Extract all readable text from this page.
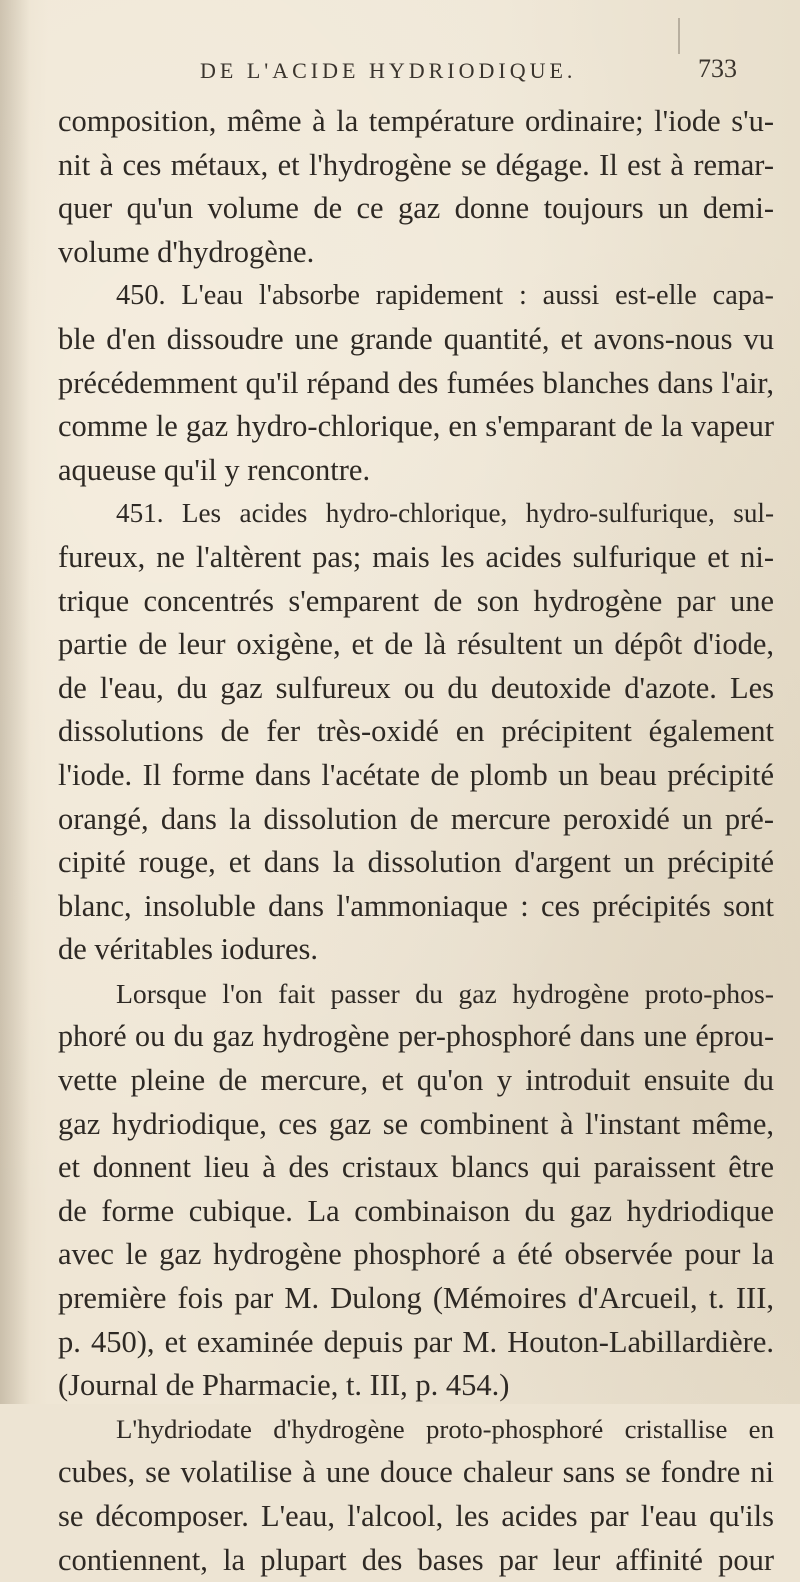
DE L'ACIDE HYDRIODIQUE.	733
composition, même à la température ordinaire; l'iode s'u-
nit à ces métaux, et l'hydrogène se dégage. Il est à remar-
quer qu'un volume de ce gaz donne toujours un demi-
volume d'hydrogène.
450. L'eau l'absorbe rapidement : aussi est-elle capa-
ble d'en dissoudre une grande quantité, et avons-nous vu
précédemment qu'il répand des fumées blanches dans l'air,
comme le gaz hydro-chlorique, en s'emparant de la vapeur
aqueuse qu'il y rencontre.
451. Les acides hydro-chlorique, hydro-sulfurique, sul-
fureux, ne l'altèrent pas; mais les acides sulfurique et ni-
trique concentrés s'emparent de son hydrogène par une
partie de leur oxigène, et de là résultent un dépôt d'iode,
de l'eau, du gaz sulfureux ou du deutoxide d'azote. Les
dissolutions de fer très-oxidé en précipitent également
l'iode. Il forme dans l'acétate de plomb un beau précipité
orangé, dans la dissolution de mercure peroxidé un pré-
cipité rouge, et dans la dissolution d'argent un précipité
blanc, insoluble dans l'ammoniaque : ces précipités sont
de véritables iodures.
Lorsque l'on fait passer du gaz hydrogène proto-phos-
phoré ou du gaz hydrogène per-phosphoré dans une éprou-
vette pleine de mercure, et qu'on y introduit ensuite du
gaz hydriodique, ces gaz se combinent à l'instant même,
et donnent lieu à des cristaux blancs qui paraissent être
de forme cubique. La combinaison du gaz hydriodique
avec le gaz hydrogène phosphoré a été observée pour la
première fois par M. Dulong (Mémoires d'Arcueil, t. III,
p. 450), et examinée depuis par M. Houton-Labillardière.
(Journal de Pharmacie, t. III, p. 454.)
L'hydriodate d'hydrogène proto-phosphoré cristallise en
cubes, se volatilise à une douce chaleur sans se fondre ni
se décomposer. L'eau, l'alcool, les acides par l'eau qu'ils
contiennent, la plupart des bases par leur affinité pour
